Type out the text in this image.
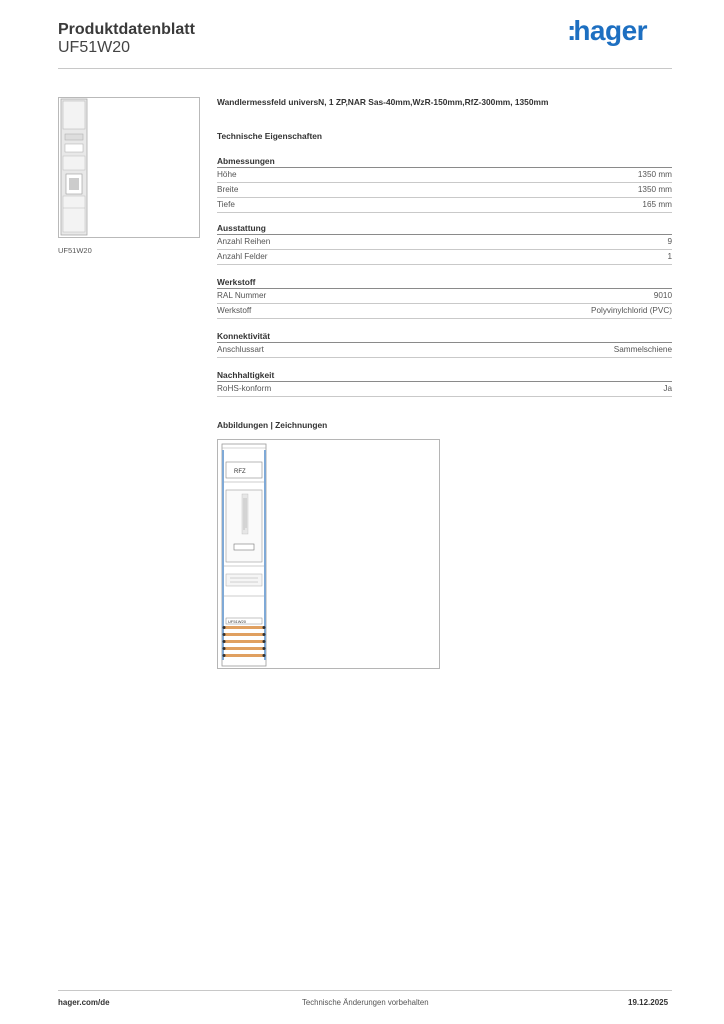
Produktdatenblatt
UF51W20
:hager
UF51W20
Wandlermessfeld universN, 1 ZP,NAR Sas-40mm,WzR-150mm,RfZ-300mm, 1350mm
Technische Eigenschaften
Abmessungen
Höhe	1350 mm
Breite	1350 mm
Tiefe	165 mm
Ausstattung
Anzahl Reihen	9
Anzahl Felder	1
Werkstoff
RAL Nummer	9010
Werkstoff	Polyvinylchlorid (PVC)
Konnektivität
Anschlussart	Sammelschiene
Nachhaltigkeit
RoHS-konform	Ja
Abbildungen | Zeichnungen
RFZ
UF51W20
hager.com/de	Technische Änderungen vorbehalten	19.12.2025
